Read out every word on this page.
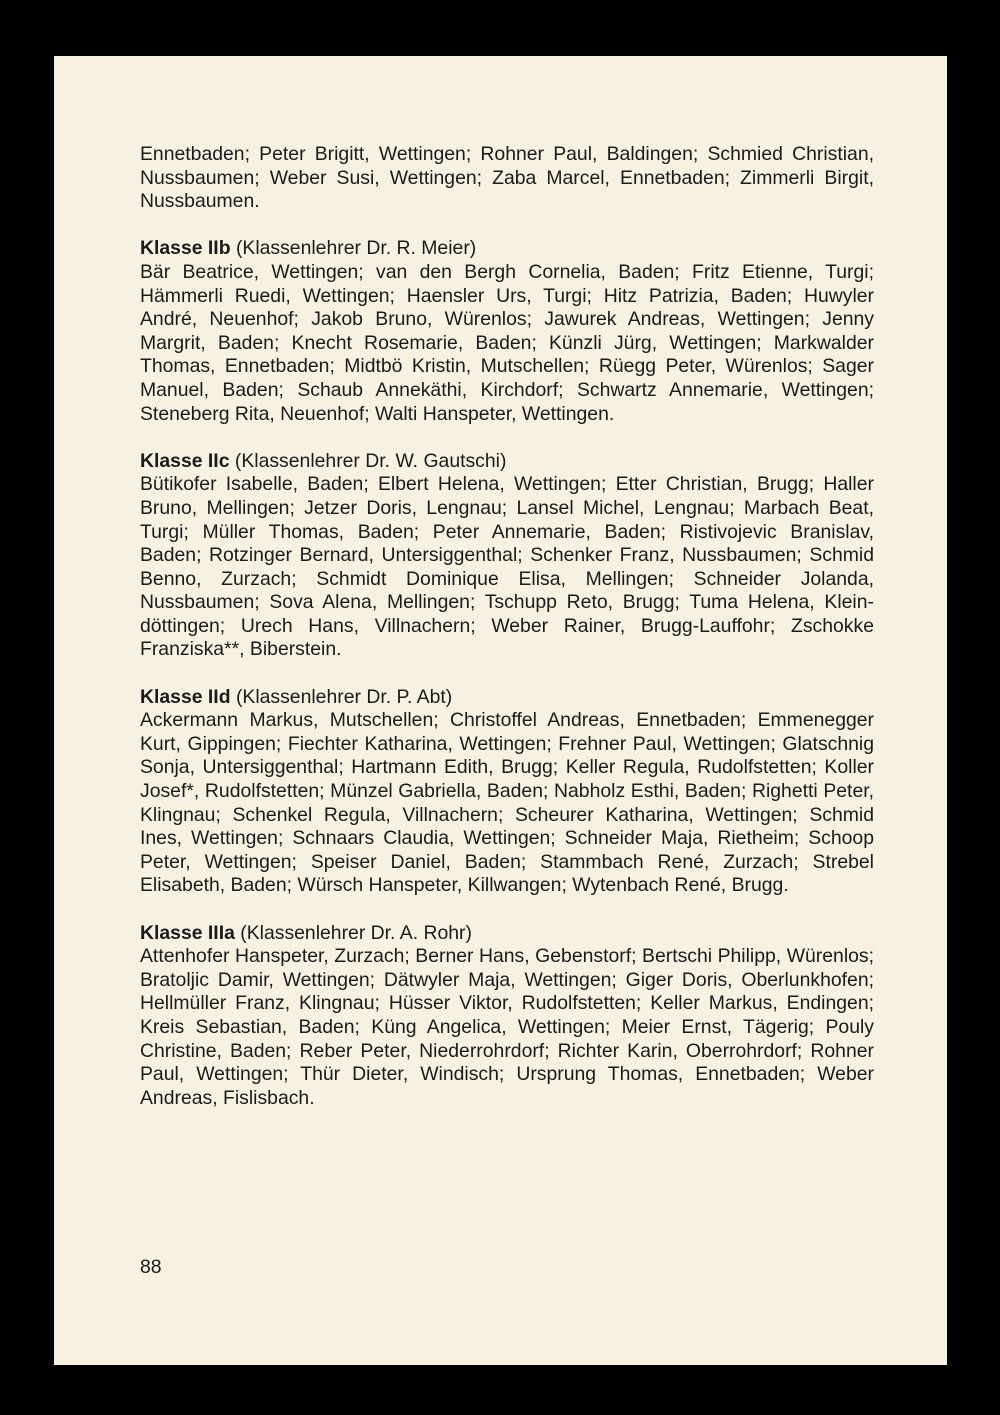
Ennetbaden; Peter Brigitt, Wettingen; Rohner Paul, Baldingen; Schmied Christian, Nussbaumen; Weber Susi, Wettingen; Zaba Marcel, Ennetbaden; Zimmerli Birgit, Nussbaumen.

Klasse IIb (Klassenlehrer Dr. R. Meier)

Bär Beatrice, Wettingen; van den Bergh Cornelia, Baden; Fritz Etienne, Turgi; Hämmerli Ruedi, Wettingen; Haensler Urs, Turgi; Hitz Patrizia, Baden; Huwyler André, Neuenhof; Jakob Bruno, Würenlos; Jawurek Andreas, Wettingen; Jenny Margrit, Baden; Knecht Rosemarie, Baden; Künzli Jürg, Wettingen; Markwalder Thomas, Ennetbaden; Midtbö Kristin, Mutschellen; Rüegg Peter, Würenlos; Sager Manuel, Baden; Schaub Annekäthi, Kirchdorf; Schwartz Annemarie, Wettingen; Steneberg Rita, Neuenhof; Walti Hanspeter, Wettingen.

Klasse IIc (Klassenlehrer Dr. W. Gautschi)

Bütikofer Isabelle, Baden; Elbert Helena, Wettingen; Etter Christian, Brugg; Haller Bruno, Mellingen; Jetzer Doris, Lengnau; Lansel Michel, Lengnau; Marbach Beat, Turgi; Müller Thomas, Baden; Peter Annemarie, Baden; Ristivojevic Branislav, Baden; Rotzinger Bernard, Untersiggenthal; Schenker Franz, Nussbaumen; Schmid Benno, Zurzach; Schmidt Dominique Elisa, Mellingen; Schneider Jolanda, Nussbaumen; Sova Alena, Mellingen; Tschupp Reto, Brugg; Tuma Helena, Kleindöttingen; Urech Hans, Villnachern; Weber Rainer, Brugg-Lauffohr; Zschokke Franziska**, Biberstein.

Klasse IId (Klassenlehrer Dr. P. Abt)

Ackermann Markus, Mutschellen; Christoffel Andreas, Ennetbaden; Emmenegger Kurt, Gippingen; Fiechter Katharina, Wettingen; Frehner Paul, Wettingen; Glatschnig Sonja, Untersiggenthal; Hartmann Edith, Brugg; Keller Regula, Rudolfstetten; Koller Josef*, Rudolfstetten; Münzel Gabriella, Baden; Nabholz Esthi, Baden; Righetti Peter, Klingnau; Schenkel Regula, Villnachern; Scheurer Katharina, Wettingen; Schmid Ines, Wettingen; Schnaars Claudia, Wettingen; Schneider Maja, Rietheim; Schoop Peter, Wettingen; Speiser Daniel, Baden; Stammbach René, Zurzach; Strebel Elisabeth, Baden; Würsch Hanspeter, Killwangen; Wytenbach René, Brugg.

Klasse IIIa (Klassenlehrer Dr. A. Rohr)

Attenhofer Hanspeter, Zurzach; Berner Hans, Gebenstorf; Bertschi Philipp, Würenlos; Bratoljic Damir, Wettingen; Dätwyler Maja, Wettingen; Giger Doris, Oberlunkhofen; Hellmüller Franz, Klingnau; Hüsser Viktor, Rudolfstetten; Keller Markus, Endingen; Kreis Sebastian, Baden; Küng Angelica, Wettingen; Meier Ernst, Tägerig; Pouly Christine, Baden; Reber Peter, Niederrohrdorf; Richter Karin, Oberrohrdorf; Rohner Paul, Wettingen; Thür Dieter, Windisch; Ursprung Thomas, Ennetbaden; Weber Andreas, Fislisbach.

88
